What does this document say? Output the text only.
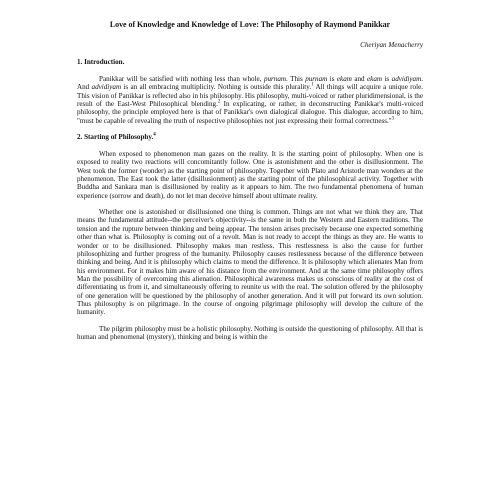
Love of Knowledge and Knowledge of Love: The Philosophy of Raymond Panikkar

Cheriyan Menacherry

1. Introduction.

Panikkar will be satisfied with nothing less than whole, purnam. This purnam is ekam and ekam is advidiyam. And advidiyam is an all embracing multiplicity. Nothing is outside this plurality.$^1$ All things will acquire a unique role. This vision of Panikkar is reflected also in his philosophy. His philosophy, multi-voiced or rather pluridimensional, is the result of the East-West Philosophical blending.$^2$ In explicating, or rather, in deconstructing Panikkar's multi-voiced philosophy, the principle employed here is that of Panikkar's own dialogical dialogue. This dialogue, according to him, "must be capable of revealing the truth of respective philosophies not just expressing their formal correctness."$^3$

2. Starting of Philosophy.$^4$

When exposed to phenomenon man gazes on the reality. It is the starting point of philosophy. When one is exposed to reality two reactions will concomitantly follow. One is astonishment and the other is disillusionment. The West took the former (wonder) as the starting point of philosophy. Together with Plato and Aristotle man wonders at the phenomenon. The East took the latter (disillusionment) as the starting point of the philosophical activity. Together with Buddha and Sankara man is disillusioned by reality as it appears to him. The two fundamental phenomena of human experience (sorrow and death), do not let man deceive himself about ultimate reality.

Whether one is astonished or disillusioned one thing is common. Things are not what we think they are. That means the fundamental attitude--the perceiver's objectivity--is the same in both the Western and Eastern traditions. The tension and the rupture between thinking and being appear. The tension arises precisely because one expected something other than what is. Philosophy is coming out of a revolt. Man is not ready to accept the things as they are. He wants to wonder or to be disillusioned. Philosophy makes man restless. This restlessness is also the cause for further philosophizing and further progress of the humanity. Philosophy causes restlessness because of the difference between thinking and being. And it is philosophy which claims to mend the difference. It is philosophy which alienates Man from his environment. For it makes him aware of his distance from the environment. And at the same time philosophy offers Man the possibility of overcoming this alienation. Philosophical awareness makes us conscious of reality at the cost of differentiating us from it, and simultaneously offering to reunite us with the real. The solution offered by the philosophy of one generation will be questioned by the philosophy of another generation. And it will put forward its own solution. Thus philosophy is on pilgrimage. In the course of ongoing pilgrimage philosophy will develop the culture of the humanity.

The pilgrim philosophy must be a holistic philosophy. Nothing is outside the questioning of philosophy. All that is human and phenomenal (mystery), thinking and being is within the
